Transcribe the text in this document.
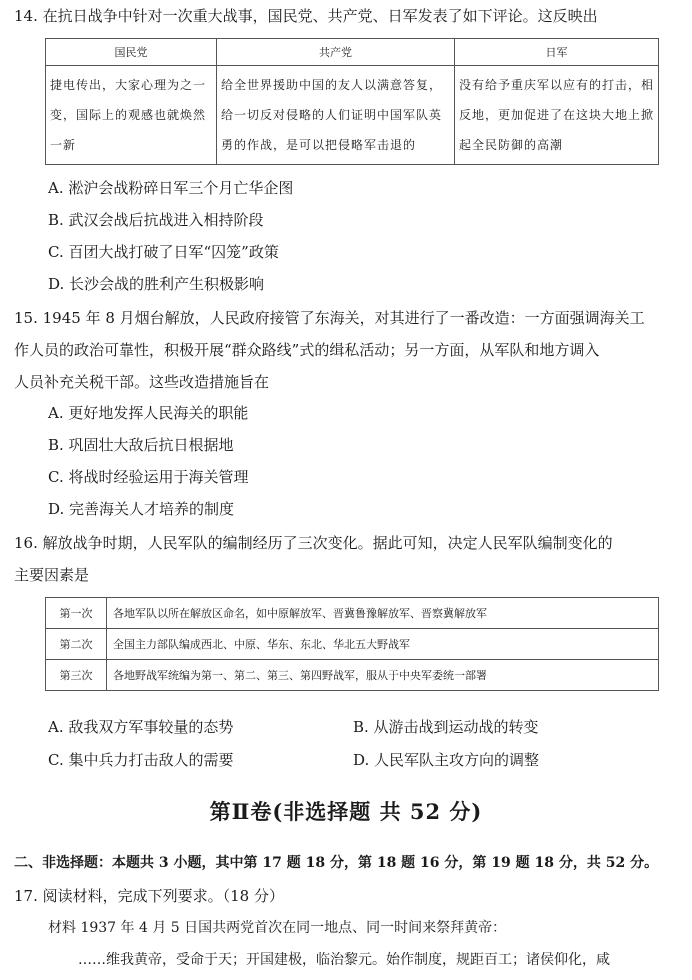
14. 在抗日战争中针对一次重大战事，国民党、共产党、日军发表了如下评论。这反映出
国民党	共产党	日军
捷电传出，大家心理为之一变，国际上的观感也就焕然一新	给全世界援助中国的友人以满意答复，给一切反对侵略的人们证明中国军队英勇的作战，是可以把侵略军击退的	没有给予重庆军以应有的打击，相反地，更加促进了在这块大地上掀起全民防御的高潮
A. 淞沪会战粉碎日军三个月亡华企图
B. 武汉会战后抗战进入相持阶段
C. 百团大战打破了日军“囚笼”政策
D. 长沙会战的胜利产生积极影响
15. 1945 年 8 月烟台解放，人民政府接管了东海关，对其进行了一番改造：一方面强调海关工
作人员的政治可靠性，积极开展“群众路线”式的缉私活动；另一方面，从军队和地方调入
人员补充关税干部。这些改造措施旨在
A. 更好地发挥人民海关的职能
B. 巩固壮大敌后抗日根据地
C. 将战时经验运用于海关管理
D. 完善海关人才培养的制度
16. 解放战争时期，人民军队的编制经历了三次变化。据此可知，决定人民军队编制变化的
主要因素是
第一次	各地军队以所在解放区命名，如中原解放军、晋冀鲁豫解放军、晋察冀解放军
第二次	全国主力部队编成西北、中原、华东、东北、华北五大野战军
第三次	各地野战军统编为第一、第二、第三、第四野战军，服从于中央军委统一部署
A. 敌我双方军事较量的态势	B. 从游击战到运动战的转变
C. 集中兵力打击敌人的需要	D. 人民军队主攻方向的调整
第Ⅱ卷(非选择题 共 52 分)
二、非选择题：本题共 3 小题，其中第 17 题 18 分，第 18 题 16 分，第 19 题 18 分，共 52 分。
17. 阅读材料，完成下列要求。（18 分）
材料 1937 年 4 月 5 日国共两党首次在同一地点、同一时间来祭拜黄帝：
……维我黄帝，受命于天；开国建极，临治黎元。始作制度，规距百工；诸侯仰化，咸
